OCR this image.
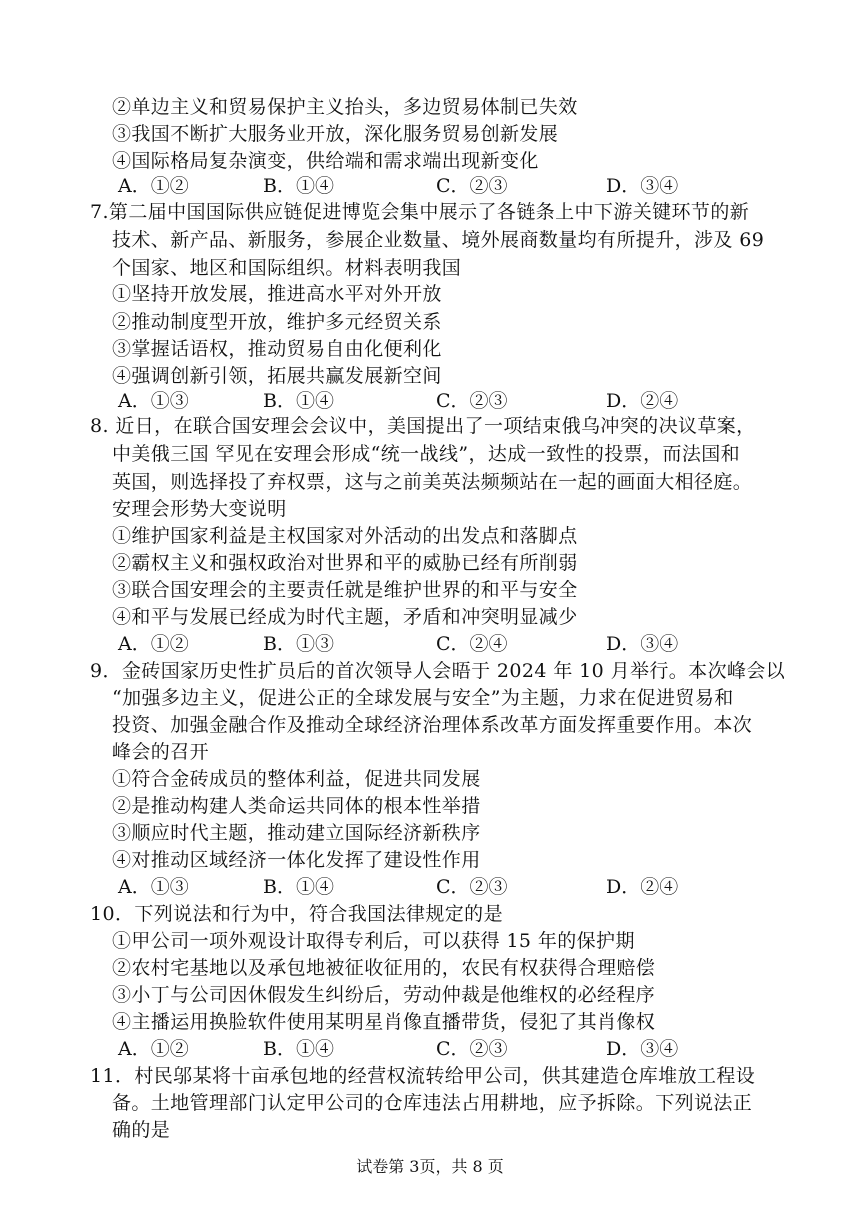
②单边主义和贸易保护主义抬头，多边贸易体制已失效
③我国不断扩大服务业开放，深化服务贸易创新发展
④国际格局复杂演变，供给端和需求端出现新变化
A．①②	B．①④	C．②③	D．③④
7.第二届中国国际供应链促进博览会集中展示了各链条上中下游关键环节的新
技术、新产品、新服务，参展企业数量、境外展商数量均有所提升，涉及 69
个国家、地区和国际组织。材料表明我国
①坚持开放发展，推进高水平对外开放
②推动制度型开放，维护多元经贸关系
③掌握话语权，推动贸易自由化便利化
④强调创新引领，拓展共赢发展新空间
A．①③	B．①④	C．②③	D．②④
8. 近日，在联合国安理会会议中，美国提出了一项结束俄乌冲突的决议草案，
中美俄三国 罕见在安理会形成“统一战线”，达成一致性的投票，而法国和
英国，则选择投了弃权票，这与之前美英法频频站在一起的画面大相径庭。
安理会形势大变说明
①维护国家利益是主权国家对外活动的出发点和落脚点
②霸权主义和强权政治对世界和平的威胁已经有所削弱
③联合国安理会的主要责任就是维护世界的和平与安全
④和平与发展已经成为时代主题，矛盾和冲突明显减少
A．①②	B．①③	C．②④	D．③④
9．金砖国家历史性扩员后的首次领导人会晤于 2024 年 10 月举行。本次峰会以
“加强多边主义，促进公正的全球发展与安全”为主题，力求在促进贸易和
投资、加强金融合作及推动全球经济治理体系改革方面发挥重要作用。本次
峰会的召开
①符合金砖成员的整体利益，促进共同发展
②是推动构建人类命运共同体的根本性举措
③顺应时代主题，推动建立国际经济新秩序
④对推动区域经济一体化发挥了建设性作用
A．①③	B．①④	C．②③	D．②④
10．下列说法和行为中，符合我国法律规定的是
①甲公司一项外观设计取得专利后，可以获得 15 年的保护期
②农村宅基地以及承包地被征收征用的，农民有权获得合理赔偿
③小丁与公司因休假发生纠纷后，劳动仲裁是他维权的必经程序
④主播运用换脸软件使用某明星肖像直播带货，侵犯了其肖像权
A．①②	B．①④	C．②③	D．③④
11．村民邬某将十亩承包地的经营权流转给甲公司，供其建造仓库堆放工程设
备。土地管理部门认定甲公司的仓库违法占用耕地，应予拆除。下列说法正
确的是
试卷第 3页，共 8 页
